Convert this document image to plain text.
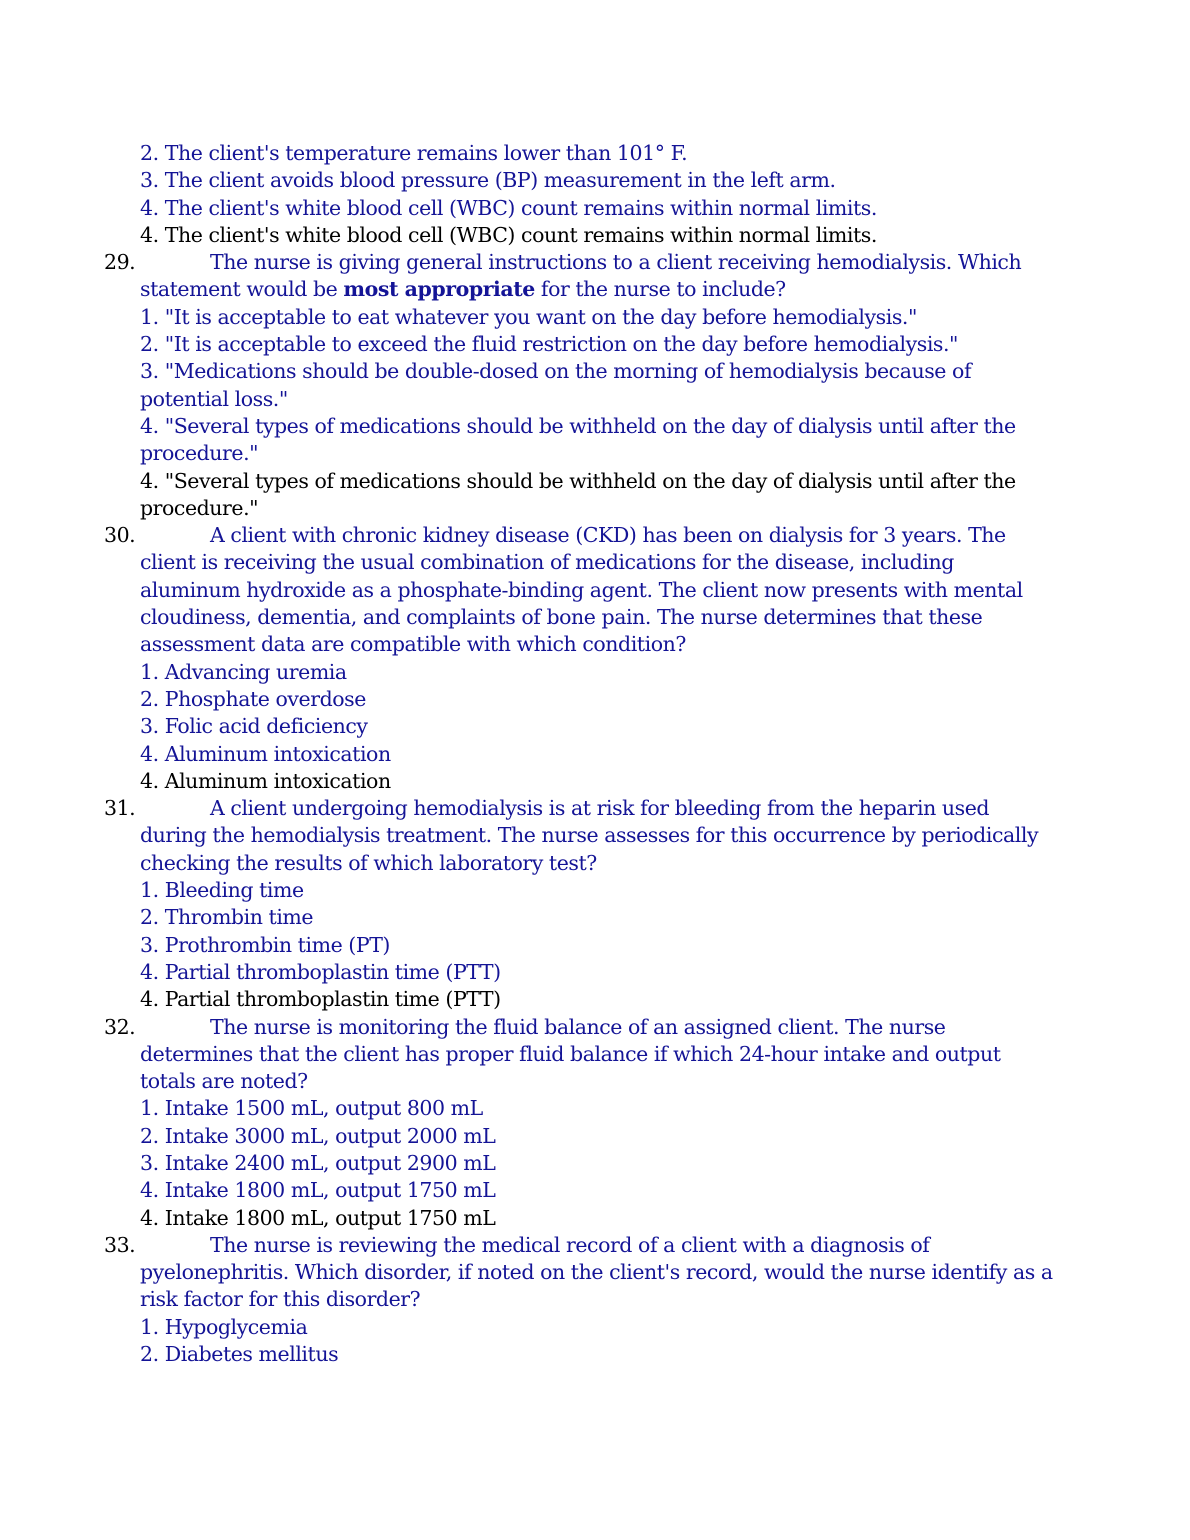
2. The client's temperature remains lower than 101° F.
3. The client avoids blood pressure (BP) measurement in the left arm.
4. The client's white blood cell (WBC) count remains within normal limits.
4. The client's white blood cell (WBC) count remains within normal limits.
29.	The nurse is giving general instructions to a client receiving hemodialysis. Which
statement would be most appropriate for the nurse to include?
1. "It is acceptable to eat whatever you want on the day before hemodialysis."
2. "It is acceptable to exceed the fluid restriction on the day before hemodialysis."
3. "Medications should be double-dosed on the morning of hemodialysis because of
potential loss."
4. "Several types of medications should be withheld on the day of dialysis until after the
procedure."
4. "Several types of medications should be withheld on the day of dialysis until after the
procedure."
30.	A client with chronic kidney disease (CKD) has been on dialysis for 3 years. The
client is receiving the usual combination of medications for the disease, including
aluminum hydroxide as a phosphate-binding agent. The client now presents with mental
cloudiness, dementia, and complaints of bone pain. The nurse determines that these
assessment data are compatible with which condition?
1. Advancing uremia
2. Phosphate overdose
3. Folic acid deficiency
4. Aluminum intoxication
4. Aluminum intoxication
31.	A client undergoing hemodialysis is at risk for bleeding from the heparin used
during the hemodialysis treatment. The nurse assesses for this occurrence by periodically
checking the results of which laboratory test?
1. Bleeding time
2. Thrombin time
3. Prothrombin time (PT)
4. Partial thromboplastin time (PTT)
4. Partial thromboplastin time (PTT)
32.	The nurse is monitoring the fluid balance of an assigned client. The nurse
determines that the client has proper fluid balance if which 24-hour intake and output
totals are noted?
1. Intake 1500 mL, output 800 mL
2. Intake 3000 mL, output 2000 mL
3. Intake 2400 mL, output 2900 mL
4. Intake 1800 mL, output 1750 mL
4. Intake 1800 mL, output 1750 mL
33.	The nurse is reviewing the medical record of a client with a diagnosis of
pyelonephritis. Which disorder, if noted on the client's record, would the nurse identify as a
risk factor for this disorder?
1. Hypoglycemia
2. Diabetes mellitus
